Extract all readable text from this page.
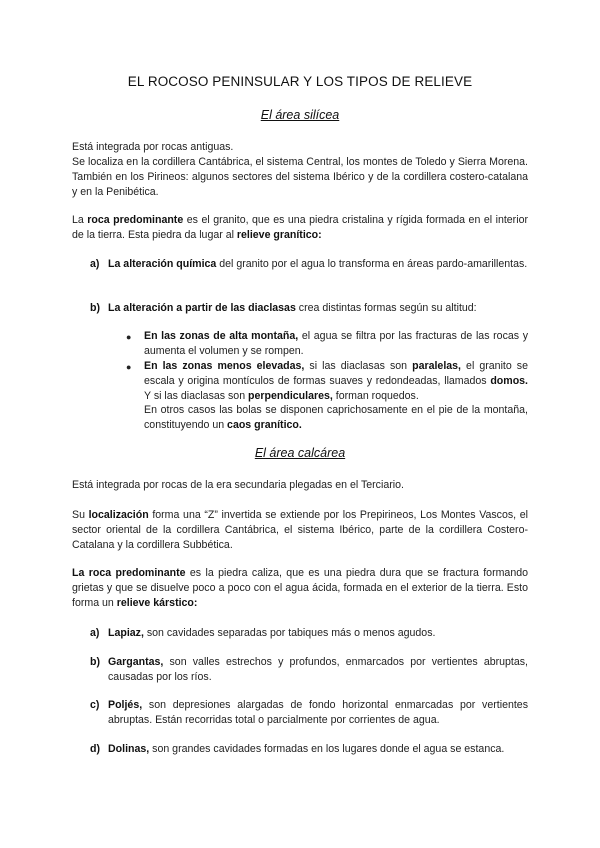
EL ROCOSO PENINSULAR Y LOS TIPOS DE RELIEVE
El área silícea

Está integrada por rocas antiguas.

Se localiza en la cordillera Cantábrica, el sistema Central, los montes de Toledo y Sierra Morena. También en los Pirineos: algunos sectores del sistema Ibérico y de la cordillera costero-catalana y en la Penibética.

La roca predominante es el granito, que es una piedra cristalina y rígida formada en el interior de la tierra. Esta piedra da lugar al relieve granítico:

a) La alteración química del granito por el agua lo transforma en áreas pardo-amarillentas.

b) La alteración a partir de las diaclasas crea distintas formas según su altitud:

● En las zonas de alta montaña, el agua se filtra por las fracturas de las rocas y aumenta el volumen y se rompen.

● En las zonas menos elevadas, si las diaclasas son paralelas, el granito se escala y origina montículos de formas suaves y redondeadas, llamados domos. Y si las diaclasas son perpendiculares, forman roquedos.

En otros casos las bolas se disponen caprichosamente en el pie de la montaña, constituyendo un caos granítico.

El área calcárea

Está integrada por rocas de la era secundaria plegadas en el Terciario.

Su localización forma una “Z” invertida se extiende por los Prepirineos, Los Montes Vascos, el sector oriental de la cordillera Cantábrica, el sistema Ibérico, parte de la cordillera Costero-Catalana y la cordillera Subbética.

La roca predominante es la piedra caliza, que es una piedra dura que se fractura formando grietas y que se disuelve poco a poco con el agua ácida, formada en el exterior de la tierra. Esto forma un relieve kárstico:

a) Lapiaz, son cavidades separadas por tabiques más o menos agudos.

b) Gargantas, son valles estrechos y profundos, enmarcados por vertientes abruptas, causadas por los ríos.

c) Poljés, son depresiones alargadas de fondo horizontal enmarcadas por vertientes abruptas. Están recorridas total o parcialmente por corrientes de agua.

d) Dolinas, son grandes cavidades formadas en los lugares donde el agua se estanca.
